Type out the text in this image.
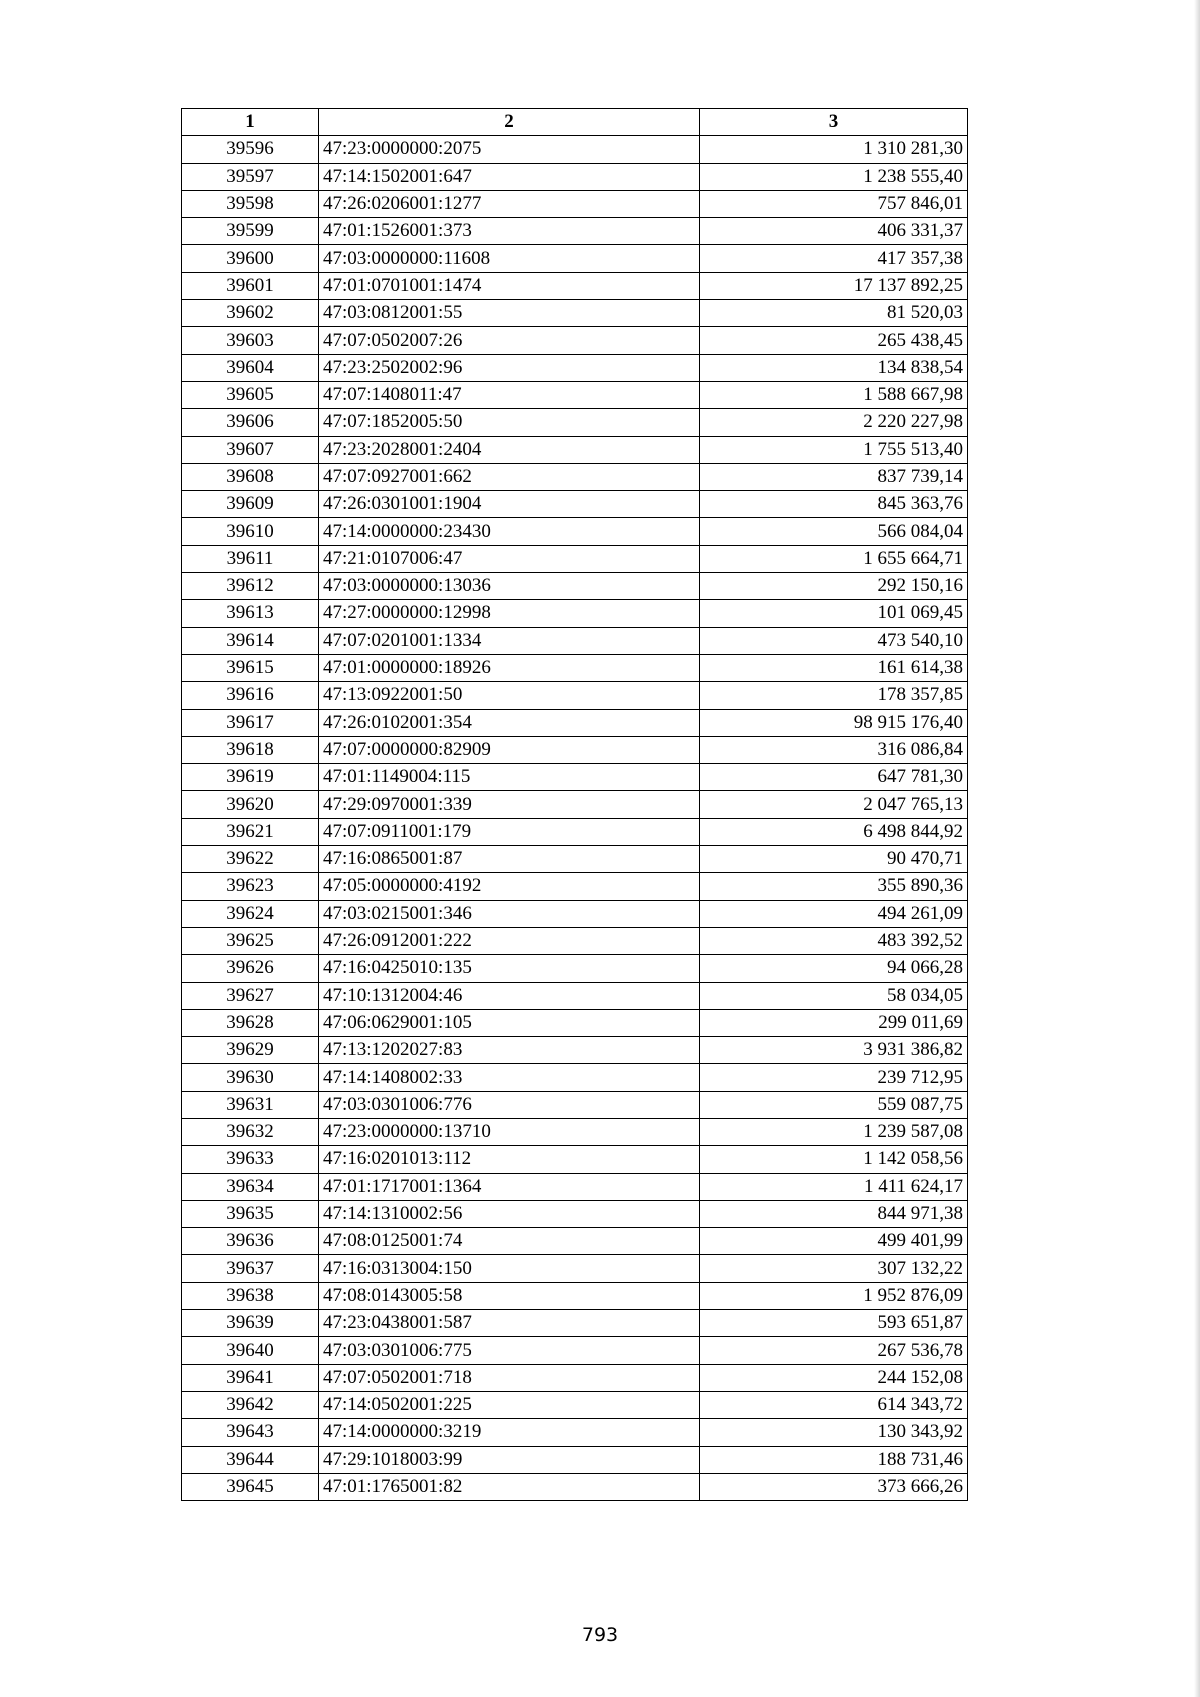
1	2	3
39596	47:23:0000000:2075	1 310 281,30
39597	47:14:1502001:647	1 238 555,40
39598	47:26:0206001:1277	757 846,01
39599	47:01:1526001:373	406 331,37
39600	47:03:0000000:11608	417 357,38
39601	47:01:0701001:1474	17 137 892,25
39602	47:03:0812001:55	81 520,03
39603	47:07:0502007:26	265 438,45
39604	47:23:2502002:96	134 838,54
39605	47:07:1408011:47	1 588 667,98
39606	47:07:1852005:50	2 220 227,98
39607	47:23:2028001:2404	1 755 513,40
39608	47:07:0927001:662	837 739,14
39609	47:26:0301001:1904	845 363,76
39610	47:14:0000000:23430	566 084,04
39611	47:21:0107006:47	1 655 664,71
39612	47:03:0000000:13036	292 150,16
39613	47:27:0000000:12998	101 069,45
39614	47:07:0201001:1334	473 540,10
39615	47:01:0000000:18926	161 614,38
39616	47:13:0922001:50	178 357,85
39617	47:26:0102001:354	98 915 176,40
39618	47:07:0000000:82909	316 086,84
39619	47:01:1149004:115	647 781,30
39620	47:29:0970001:339	2 047 765,13
39621	47:07:0911001:179	6 498 844,92
39622	47:16:0865001:87	90 470,71
39623	47:05:0000000:4192	355 890,36
39624	47:03:0215001:346	494 261,09
39625	47:26:0912001:222	483 392,52
39626	47:16:0425010:135	94 066,28
39627	47:10:1312004:46	58 034,05
39628	47:06:0629001:105	299 011,69
39629	47:13:1202027:83	3 931 386,82
39630	47:14:1408002:33	239 712,95
39631	47:03:0301006:776	559 087,75
39632	47:23:0000000:13710	1 239 587,08
39633	47:16:0201013:112	1 142 058,56
39634	47:01:1717001:1364	1 411 624,17
39635	47:14:1310002:56	844 971,38
39636	47:08:0125001:74	499 401,99
39637	47:16:0313004:150	307 132,22
39638	47:08:0143005:58	1 952 876,09
39639	47:23:0438001:587	593 651,87
39640	47:03:0301006:775	267 536,78
39641	47:07:0502001:718	244 152,08
39642	47:14:0502001:225	614 343,72
39643	47:14:0000000:3219	130 343,92
39644	47:29:1018003:99	188 731,46
39645	47:01:1765001:82	373 666,26
793
